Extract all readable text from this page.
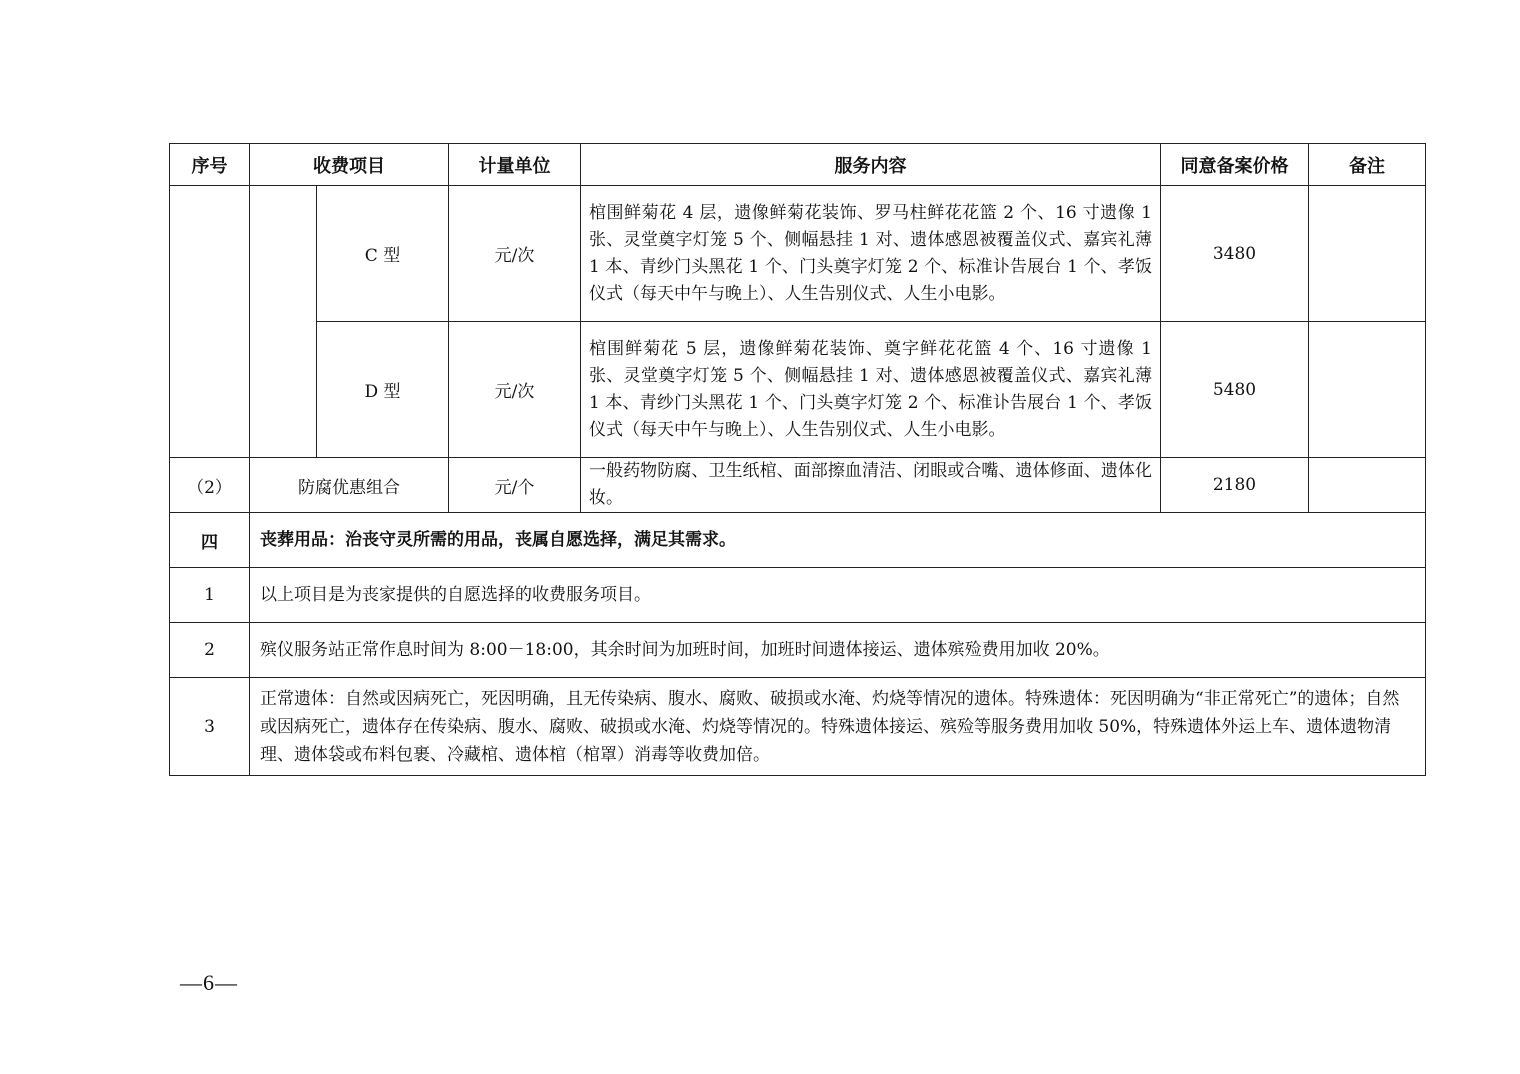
序号	收费项目		计量单位	服务内容	同意备案价格	备注
		C 型	元/次	棺围鲜菊花 4 层，遗像鲜菊花装饰、罗马柱鲜花花篮 2 个、16 寸遗像 1 张、灵堂奠字灯笼 5 个、侧幅悬挂 1 对、遗体感恩被覆盖仪式、嘉宾礼薄 1 本、青纱门头黑花 1 个、门头奠字灯笼 2 个、标准讣告展台 1 个、孝饭仪式（每天中午与晚上）、人生告别仪式、人生小电影。	3480	
		D 型	元/次	棺围鲜菊花 5 层，遗像鲜菊花装饰、奠字鲜花花篮 4 个、16 寸遗像 1 张、灵堂奠字灯笼 5 个、侧幅悬挂 1 对、遗体感恩被覆盖仪式、嘉宾礼薄 1 本、青纱门头黑花 1 个、门头奠字灯笼 2 个、标准讣告展台 1 个、孝饭仪式（每天中午与晚上）、人生告别仪式、人生小电影。	5480	
（2）	防腐优惠组合		元/个	一般药物防腐、卫生纸棺、面部擦血清洁、闭眼或合嘴、遗体修面、遗体化妆。	2180	
四	丧葬用品：治丧守灵所需的用品，丧属自愿选择，满足其需求。					
1	以上项目是为丧家提供的自愿选择的收费服务项目。					
2	殡仪服务站正常作息时间为 8:00－18:00，其余时间为加班时间，加班时间遗体接运、遗体殡殓费用加收 20%。					
3	正常遗体：自然或因病死亡，死因明确，且无传染病、腹水、腐败、破损或水淹、灼烧等情况的遗体。特殊遗体：死因明确为“非正常死亡”的遗体；自然或因病死亡，遗体存在传染病、腹水、腐败、破损或水淹、灼烧等情况的。特殊遗体接运、殡殓等服务费用加收 50%，特殊遗体外运上车、遗体遗物清理、遗体袋或布料包裹、冷藏棺、遗体棺（棺罩）消毒等收费加倍。					
—6—
